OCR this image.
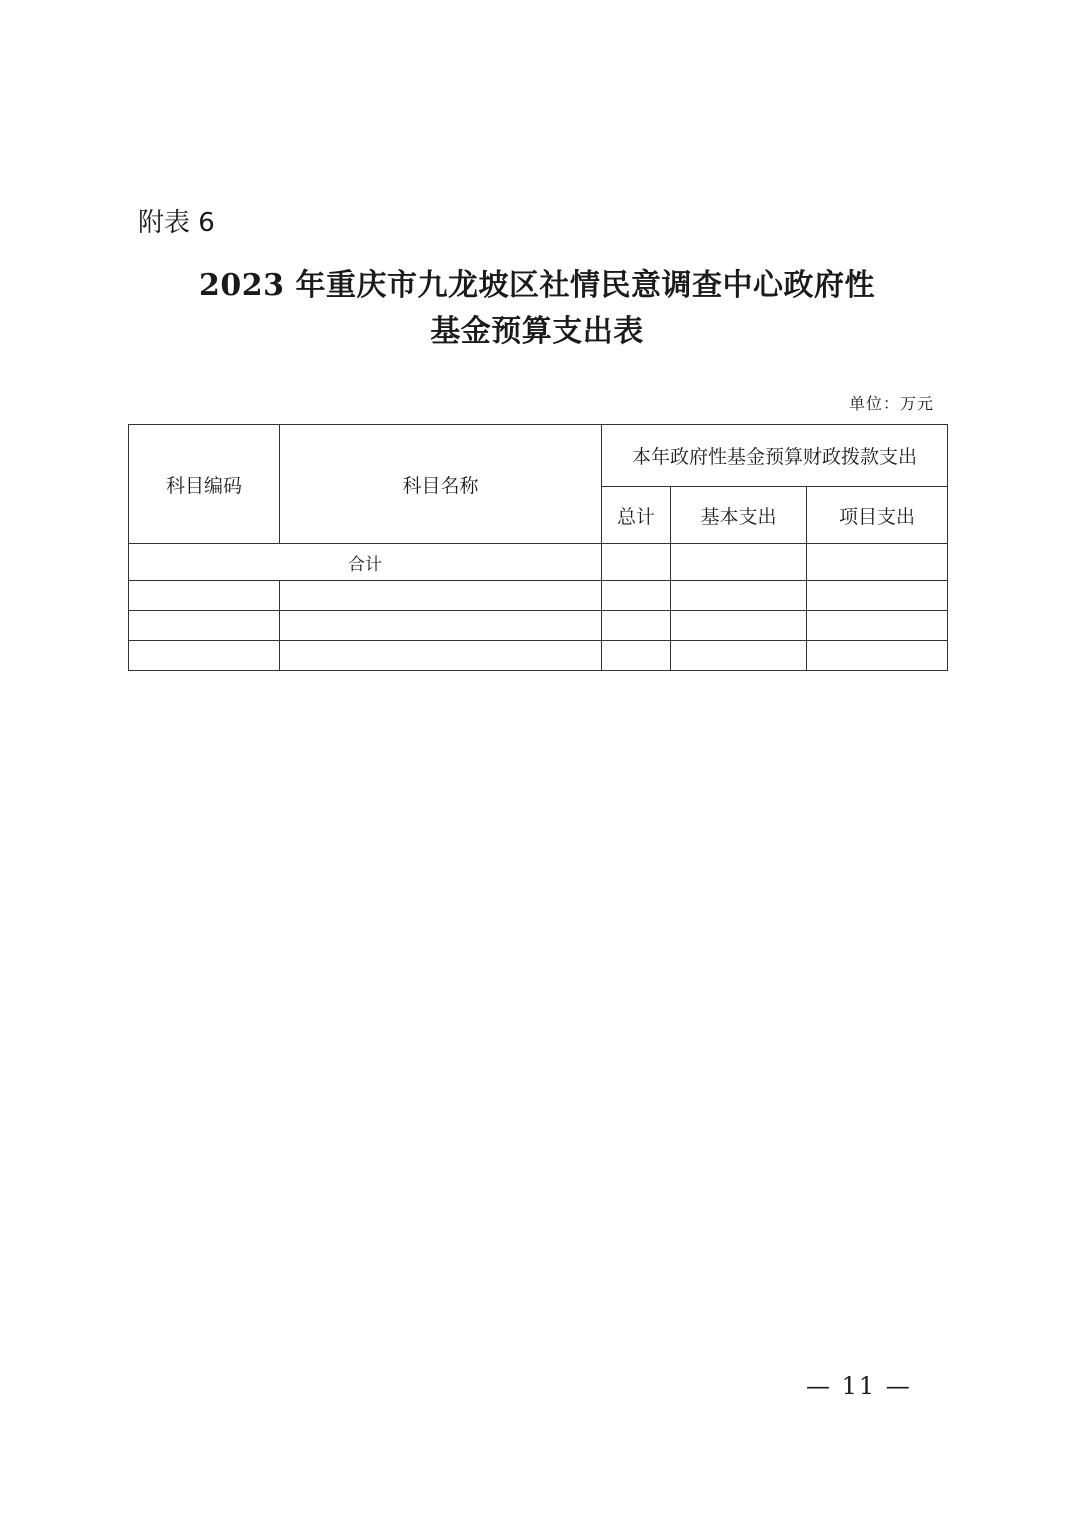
附表 6
2023 年重庆市九龙坡区社情民意调查中心政府性
基金预算支出表
单位：万元
科目编码	科目名称	本年政府性基金预算财政拨款支出		
		总计	基本支出	项目支出
合计				

— 11 —
